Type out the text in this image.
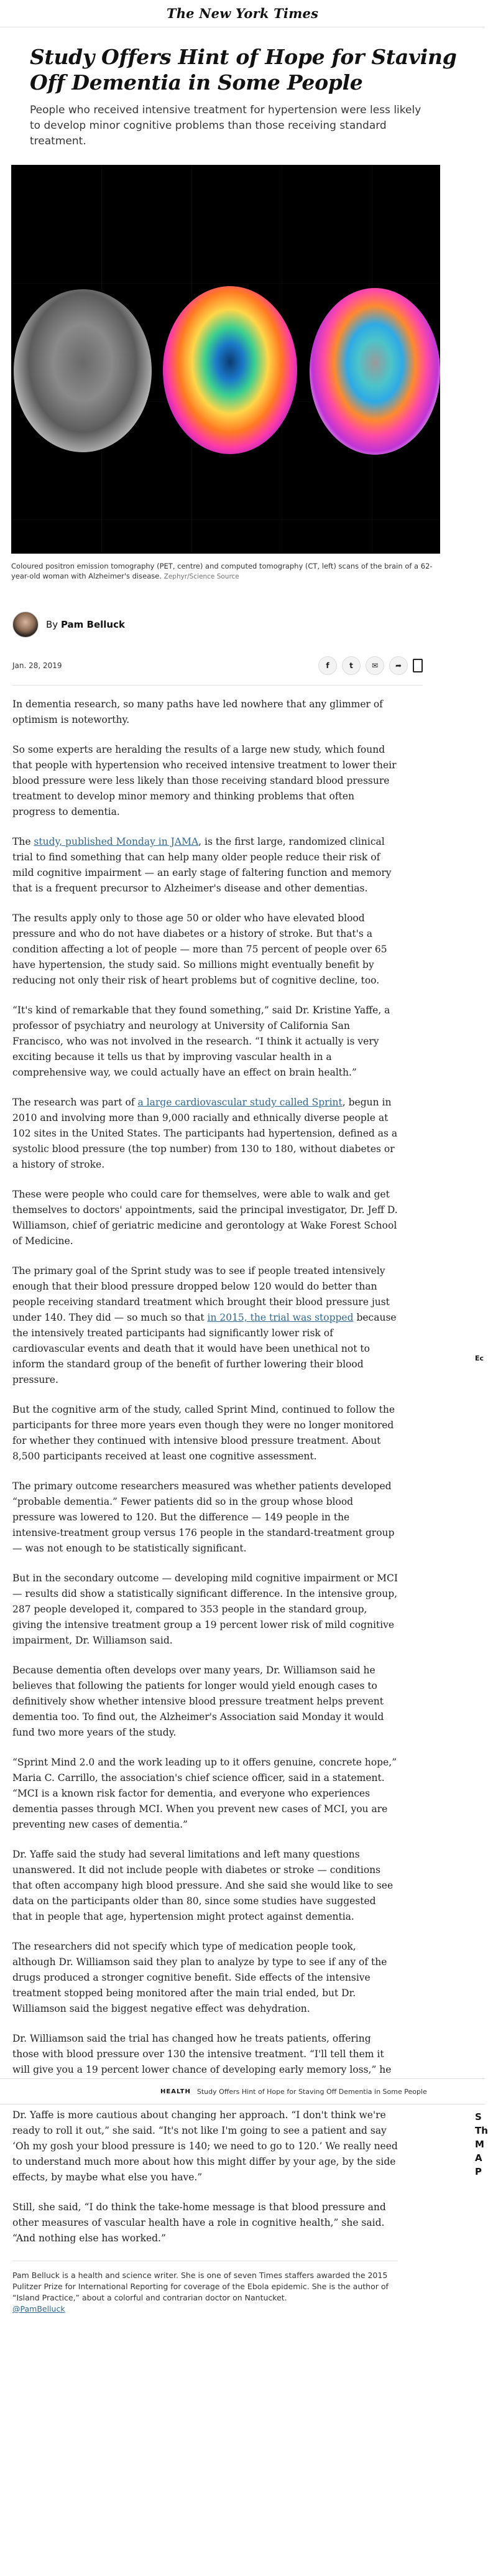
The New York Times
Study Offers Hint of Hope for Staving Off Dementia in Some People

People who received intensive treatment for hypertension were less likely to develop minor cognitive problems than those receiving standard treatment.

Coloured positron emission tomography (PET, centre) and computed tomography (CT, left) scans of the brain of a 62-year-old woman with Alzheimer's disease. Zephyr/Science Source
By Pam Belluck
Jan. 28, 2019	f	t	✉	➦

In dementia research, so many paths have led nowhere that any glimmer of optimism is noteworthy.

So some experts are heralding the results of a large new study, which found that people with hypertension who received intensive treatment to lower their blood pressure were less likely than those receiving standard blood pressure treatment to develop minor memory and thinking problems that often progress to dementia.

The study, published Monday in JAMA, is the first large, randomized clinical trial to find something that can help many older people reduce their risk of mild cognitive impairment — an early stage of faltering function and memory that is a frequent precursor to Alzheimer's disease and other dementias.

The results apply only to those age 50 or older who have elevated blood pressure and who do not have diabetes or a history of stroke. But that's a condition affecting a lot of people — more than 75 percent of people over 65 have hypertension, the study said. So millions might eventually benefit by reducing not only their risk of heart problems but of cognitive decline, too.

“It's kind of remarkable that they found something,” said Dr. Kristine Yaffe, a professor of psychiatry and neurology at University of California San Francisco, who was not involved in the research. “I think it actually is very exciting because it tells us that by improving vascular health in a comprehensive way, we could actually have an effect on brain health.”

The research was part of a large cardiovascular study called Sprint, begun in 2010 and involving more than 9,000 racially and ethnically diverse people at 102 sites in the United States. The participants had hypertension, defined as a systolic blood pressure (the top number) from 130 to 180, without diabetes or a history of stroke.

These were people who could care for themselves, were able to walk and get themselves to doctors' appointments, said the principal investigator, Dr. Jeff D. Williamson, chief of geriatric medicine and gerontology at Wake Forest School of Medicine.

The primary goal of the Sprint study was to see if people treated intensively enough that their blood pressure dropped below 120 would do better than people receiving standard treatment which brought their blood pressure just under 140. They did — so much so that in 2015, the trial was stopped because the intensively treated participants had significantly lower risk of cardiovascular events and death that it would have been unethical not to inform the standard group of the benefit of further lowering their blood pressure.

But the cognitive arm of the study, called Sprint Mind, continued to follow the participants for three more years even though they were no longer monitored for whether they continued with intensive blood pressure treatment. About 8,500 participants received at least one cognitive assessment.

The primary outcome researchers measured was whether patients developed “probable dementia.” Fewer patients did so in the group whose blood pressure was lowered to 120. But the difference — 149 people in the intensive-treatment group versus 176 people in the standard-treatment group — was not enough to be statistically significant.

But in the secondary outcome — developing mild cognitive impairment or MCI — results did show a statistically significant difference. In the intensive group, 287 people developed it, compared to 353 people in the standard group, giving the intensive treatment group a 19 percent lower risk of mild cognitive impairment, Dr. Williamson said.

Because dementia often develops over many years, Dr. Williamson said he believes that following the patients for longer would yield enough cases to definitively show whether intensive blood pressure treatment helps prevent dementia too. To find out, the Alzheimer's Association said Monday it would fund two more years of the study.

“Sprint Mind 2.0 and the work leading up to it offers genuine, concrete hope,” Maria C. Carrillo, the association's chief science officer, said in a statement. “MCI is a known risk factor for dementia, and everyone who experiences dementia passes through MCI. When you prevent new cases of MCI, you are preventing new cases of dementia.”

Dr. Yaffe said the study had several limitations and left many questions unanswered. It did not include people with diabetes or stroke — conditions that often accompany high blood pressure. And she said she would like to see data on the participants older than 80, since some studies have suggested that in people that age, hypertension might protect against dementia.

The researchers did not specify which type of medication people took, although Dr. Williamson said they plan to analyze by type to see if any of the drugs produced a stronger cognitive benefit. Side effects of the intensive treatment stopped being monitored after the main trial ended, but Dr. Williamson said the biggest negative effect was dehydration.

Dr. Williamson said the trial has changed how he treats patients, offering those with blood pressure over 130 the intensive treatment. “I'll tell them it will give you a 19 percent lower chance of developing early memory loss,” he

Dr. Yaffe is more cautious about changing her approach. “I don't think we're ready to roll it out,” she said. “It's not like I'm going to see a patient and say ‘Oh my gosh your blood pressure is 140; we need to go to 120.’ We really need to understand much more about how this might differ by your age, by the side effects, by maybe what else you have.”

Still, she said, “I do think the take-home message is that blood pressure and other measures of vascular health have a role in cognitive health,” she said. “And nothing else has worked.”

Pam Belluck is a health and science writer. She is one of seven Times staffers awarded the 2015 Pulitzer Prize for International Reporting for coverage of the Ebola epidemic. She is the author of “Island Practice,” about a colorful and contrarian doctor on Nantucket.
@PamBelluck
HEALTH Study Offers Hint of Hope for Staving Off Dementia in Some People
Ec
S
Th
M
A
P
